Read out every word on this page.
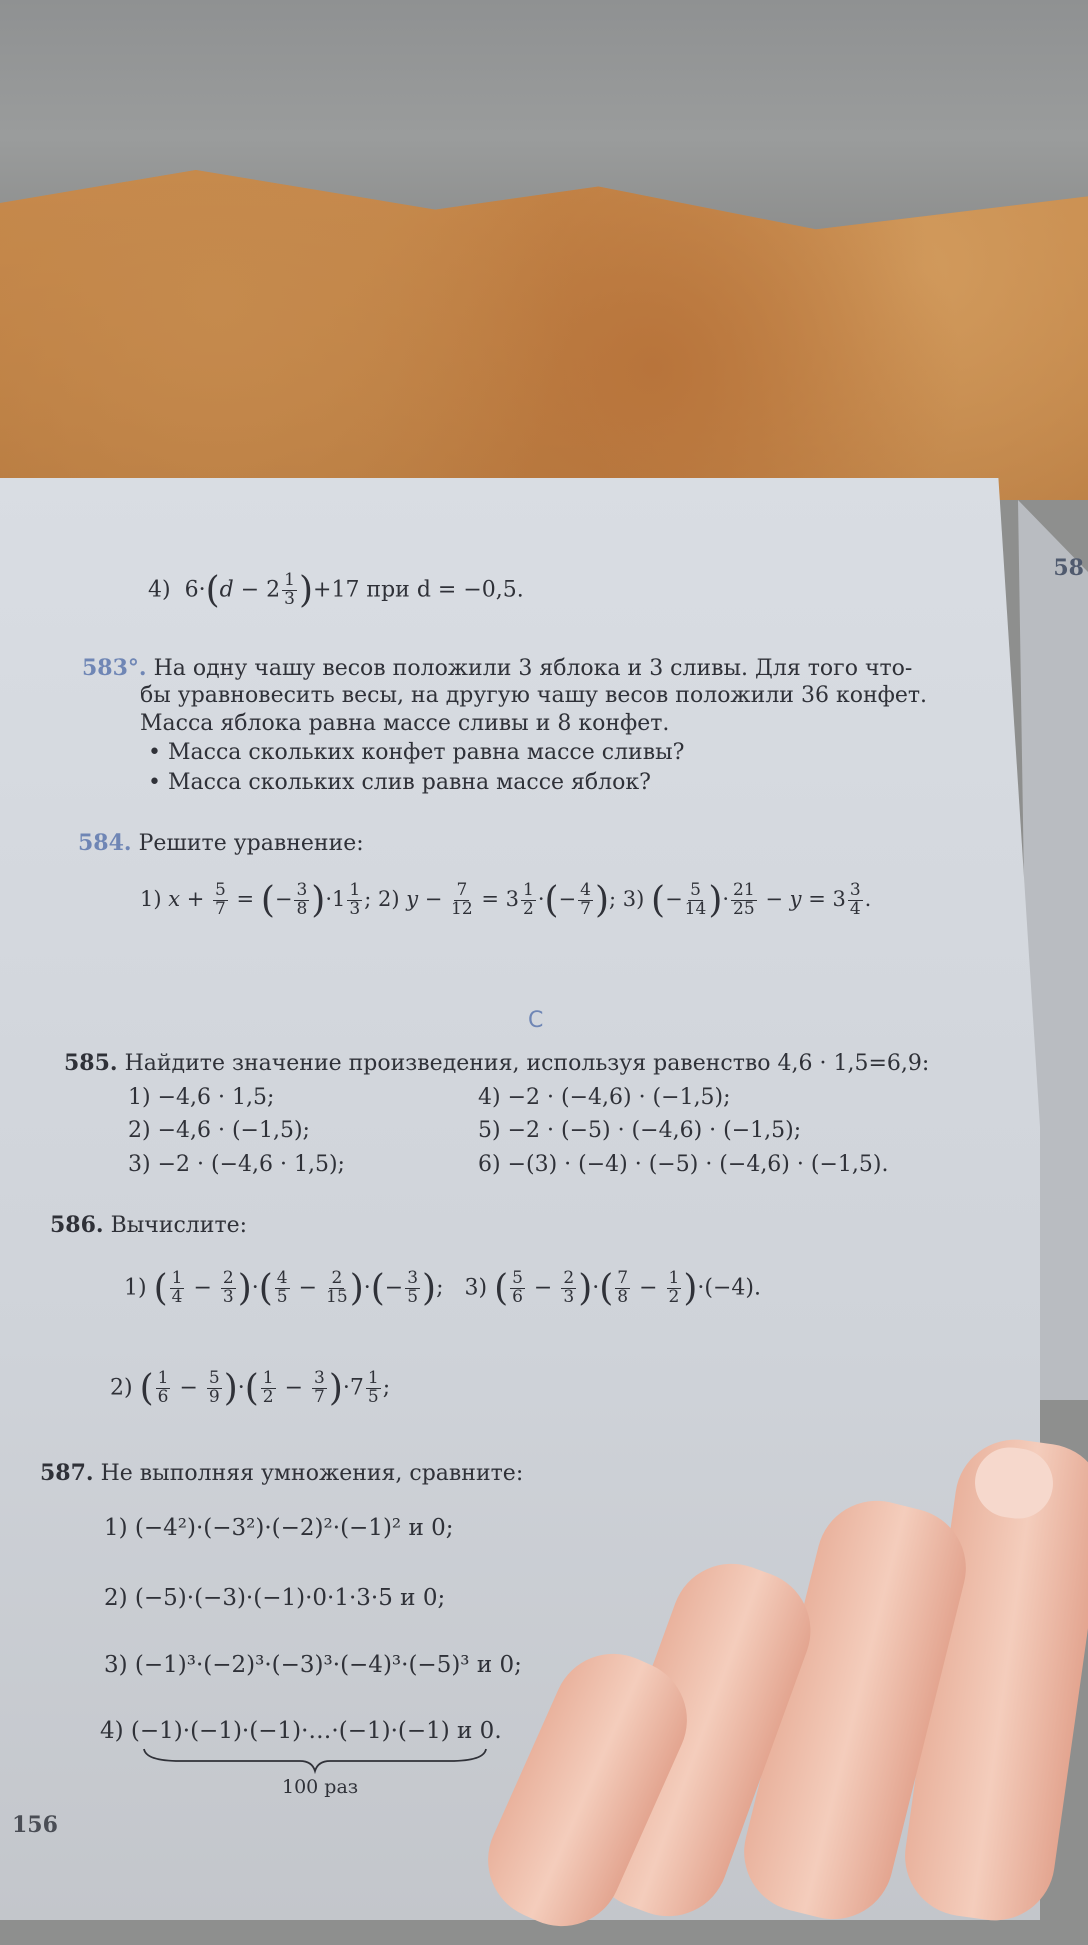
58
4)  $6\cdot(d - 2 \frac{1}{3} )+17$ при d = −0,5.
583°. На одну чашу весов положили 3 яблока и 3 сливы. Для того что-
бы уравновесить весы, на другую чашу весов положили 36 конфет.
Масса яблока равна массе сливы и 8 конфет.
• Масса скольких конфет равна массе сливы?
• Масса скольких слив равна массе яблок?
584. Решите уравнение:
1) $x + \frac{5}{7}$ = (− $\frac{3}{8} )\cdot 1 \frac{1}{3}$ ; 2) $y - \frac{7}{12} = 3 \frac{1}{2}$ ·(− $\frac{4}{7}$ ); 3) (− $\frac{5}{14}$ )· $\frac{21}{25} - y = 3 \frac{3}{4}$ .
C
585. Найдите значение произведения, используя равенство 4,6 · 1,5=6,9:
1) −4,6 · 1,5;
2) −4,6 · (−1,5);
3) −2 · (−4,6 · 1,5);
4) −2 · (−4,6) · (−1,5);
5) −2 · (−5) · (−4,6) · (−1,5);
6) −(3) · (−4) · (−5) · (−4,6) · (−1,5).
586. Вычислите:
1) ( $\frac{1}{4} - \frac{2}{3}$ )·( $\frac{4}{5} - \frac{2}{15}$ )·(− $\frac{3}{5}$ );   3) ( $\frac{5}{6} - \frac{2}{3}$ )·( $\frac{7}{8} - \frac{1}{2} )\cdot(-4)$.
2) ( $\frac{1}{6} - \frac{5}{9}$ )·( $\frac{1}{2} - \frac{3}{7} )\cdot 7 \frac{1}{5}$ ;
587. Не выполняя умножения, сравните:
1) (−4²)·(−3²)·(−2)²·(−1)² и 0;
2) (−5)·(−3)·(−1)·0·1·3·5 и 0;
3) (−1)³·(−2)³·(−3)³·(−4)³·(−5)³ и 0;
4) (−1)·(−1)·(−1)·…·(−1)·(−1) и 0.
100 раз
156
